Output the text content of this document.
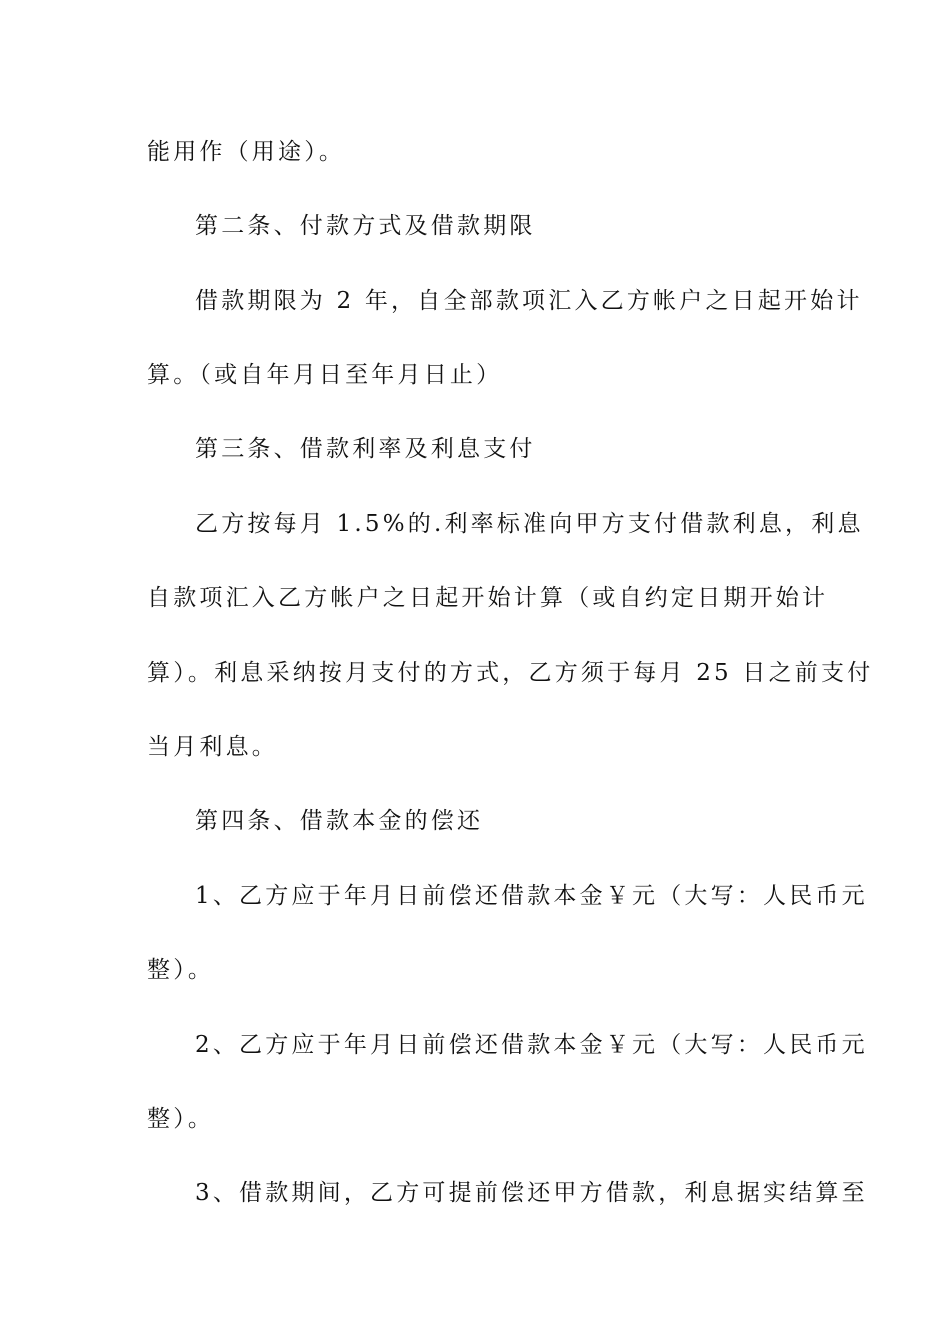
能用作（用途）。
第二条、付款方式及借款期限
借款期限为 2 年，自全部款项汇入乙方帐户之日起开始计
算。（或自年月日至年月日止）
第三条、借款利率及利息支付
乙方按每月 1.5%的.利率标准向甲方支付借款利息，利息
自款项汇入乙方帐户之日起开始计算（或自约定日期开始计
算）。利息采纳按月支付的方式，乙方须于每月 25 日之前支付
当月利息。
第四条、借款本金的偿还
1、乙方应于年月日前偿还借款本金￥元（大写：人民币元
整）。
2、乙方应于年月日前偿还借款本金￥元（大写：人民币元
整）。
3、借款期间，乙方可提前偿还甲方借款，利息据实结算至
